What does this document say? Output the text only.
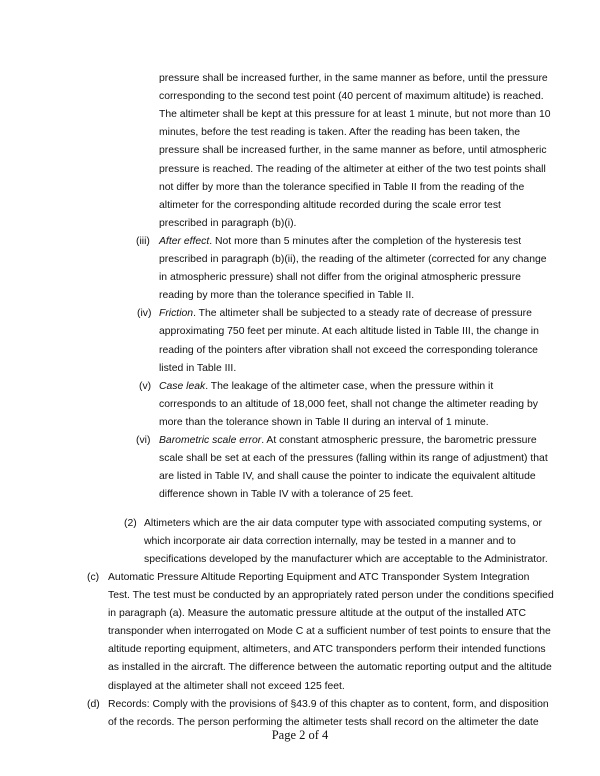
pressure shall be increased further, in the same manner as before, until the pressure
corresponding to the second test point (40 percent of maximum altitude) is reached.
The altimeter shall be kept at this pressure for at least 1 minute, but not more than 10
minutes, before the test reading is taken. After the reading has been taken, the
pressure shall be increased further, in the same manner as before, until atmospheric
pressure is reached. The reading of the altimeter at either of the two test points shall
not differ by more than the tolerance specified in Table II from the reading of the
altimeter for the corresponding altitude recorded during the scale error test
prescribed in paragraph (b)(i).
(iii) After effect. Not more than 5 minutes after the completion of the hysteresis test
prescribed in paragraph (b)(ii), the reading of the altimeter (corrected for any change
in atmospheric pressure) shall not differ from the original atmospheric pressure
reading by more than the tolerance specified in Table II.
(iv) Friction. The altimeter shall be subjected to a steady rate of decrease of pressure
approximating 750 feet per minute. At each altitude listed in Table III, the change in
reading of the pointers after vibration shall not exceed the corresponding tolerance
listed in Table III.
(v) Case leak. The leakage of the altimeter case, when the pressure within it
corresponds to an altitude of 18,000 feet, shall not change the altimeter reading by
more than the tolerance shown in Table II during an interval of 1 minute.
(vi) Barometric scale error. At constant atmospheric pressure, the barometric pressure
scale shall be set at each of the pressures (falling within its range of adjustment) that
are listed in Table IV, and shall cause the pointer to indicate the equivalent altitude
difference shown in Table IV with a tolerance of 25 feet.
(2) Altimeters which are the air data computer type with associated computing systems, or
which incorporate air data correction internally, may be tested in a manner and to
specifications developed by the manufacturer which are acceptable to the Administrator.
(c) Automatic Pressure Altitude Reporting Equipment and ATC Transponder System Integration
Test. The test must be conducted by an appropriately rated person under the conditions specified
in paragraph (a). Measure the automatic pressure altitude at the output of the installed ATC
transponder when interrogated on Mode C at a sufficient number of test points to ensure that the
altitude reporting equipment, altimeters, and ATC transponders perform their intended functions
as installed in the aircraft. The difference between the automatic reporting output and the altitude
displayed at the altimeter shall not exceed 125 feet.
(d) Records: Comply with the provisions of §43.9 of this chapter as to content, form, and disposition
of the records. The person performing the altimeter tests shall record on the altimeter the date
Page 2 of 4
